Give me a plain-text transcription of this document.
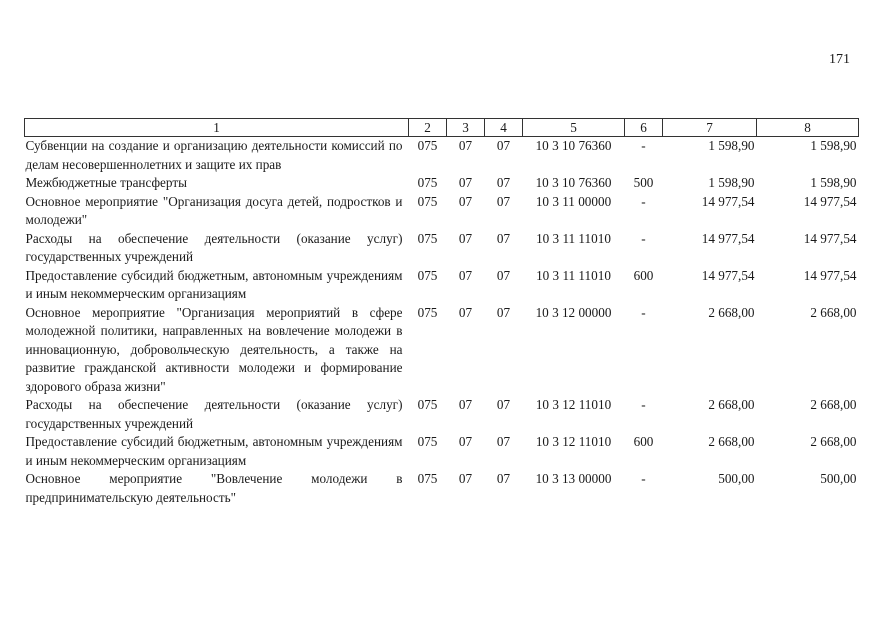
171
1	2	3	4	5	6	7	8
Субвенции на создание и организацию деятельности комиссий по делам несовершеннолетних и защите их прав	075	07	07	10 3 10 76360	-	1 598,90	1 598,90
Межбюджетные трансферты	075	07	07	10 3 10 76360	500	1 598,90	1 598,90
Основное мероприятие "Организация досуга детей, подростков и молодежи"	075	07	07	10 3 11 00000	-	14 977,54	14 977,54
Расходы на обеспечение деятельности (оказание услуг) государственных учреждений	075	07	07	10 3 11 11010	-	14 977,54	14 977,54
Предоставление субсидий бюджетным, автономным учреждениям и иным некоммерческим организациям	075	07	07	10 3 11 11010	600	14 977,54	14 977,54
Основное мероприятие "Организация мероприятий в сфере молодежной политики, направленных на вовлечение молодежи в инновационную, добровольческую деятельность, а также на развитие гражданской активности молодежи и формирование здорового образа жизни"	075	07	07	10 3 12 00000	-	2 668,00	2 668,00
Расходы на обеспечение деятельности (оказание услуг) государственных учреждений	075	07	07	10 3 12 11010	-	2 668,00	2 668,00
Предоставление субсидий бюджетным, автономным учреждениям и иным некоммерческим организациям	075	07	07	10 3 12 11010	600	2 668,00	2 668,00
Основное мероприятие "Вовлечение молодежи в предпринимательскую деятельность"	075	07	07	10 3 13 00000	-	500,00	500,00
